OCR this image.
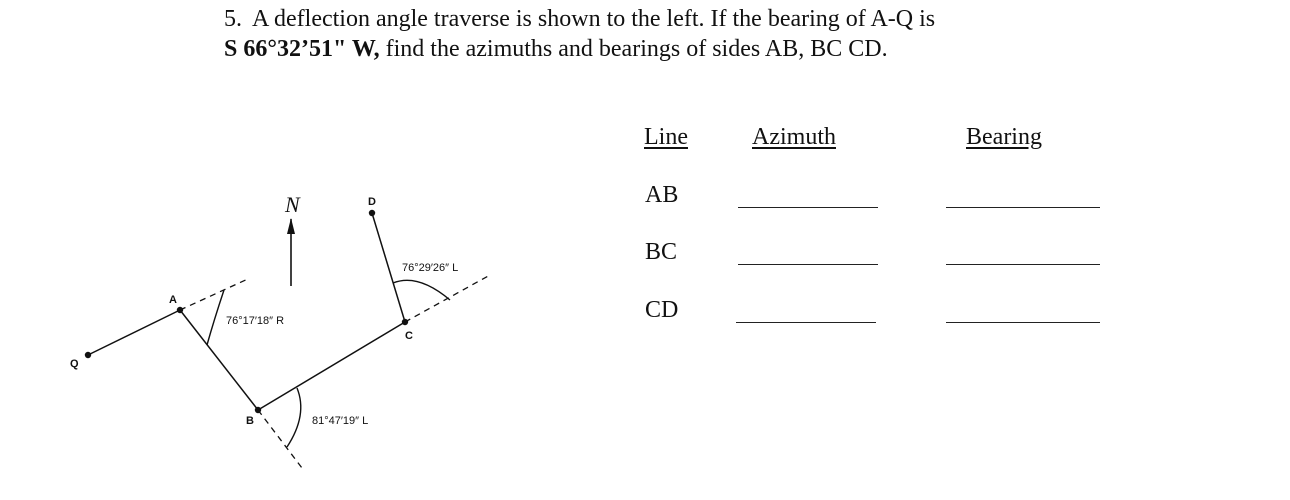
5. A deflection angle traverse is shown to the left. If the bearing of A-Q is
S 66°32’51" W, find the azimuths and bearings of sides AB, BC CD.
N
Q
A
B
C
D
76°17′18″ R
81°47′19″ L
76°29′26″ L
Line	Azimuth	Bearing
AB
BC
CD
